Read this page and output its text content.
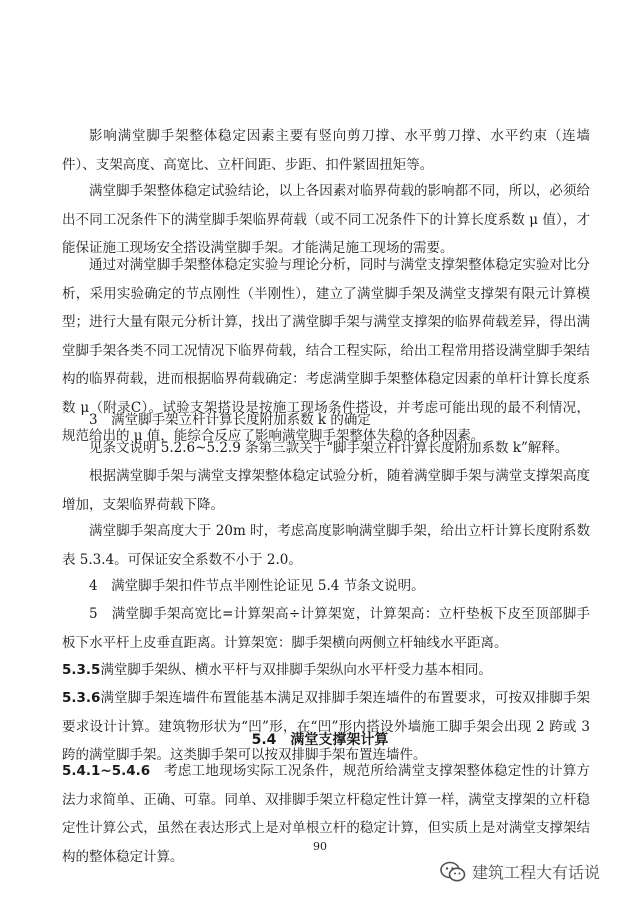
影响满堂脚手架整体稳定因素主要有竖向剪刀撑、水平剪刀撑、水平约束（连墙件）、支架高度、高宽比、立杆间距、步距、扣件紧固扭矩等。

满堂脚手架整体稳定试验结论，以上各因素对临界荷载的影响都不同，所以，必须给出不同工况条件下的满堂脚手架临界荷载（或不同工况条件下的计算长度系数 μ 值），才能保证施工现场安全搭设满堂脚手架。才能满足施工现场的需要。

通过对满堂脚手架整体稳定实验与理论分析，同时与满堂支撑架整体稳定实验对比分析，采用实验确定的节点刚性（半刚性），建立了满堂脚手架及满堂支撑架有限元计算模型；进行大量有限元分析计算，找出了满堂脚手架与满堂支撑架的临界荷载差异，得出满堂脚手架各类不同工况情况下临界荷载，结合工程实际，给出工程常用搭设满堂脚手架结构的临界荷载，进而根据临界荷载确定：考虑满堂脚手架整体稳定因素的单杆计算长度系数 μ（附录C）。试验支架搭设是按施工现场条件搭设，并考虑可能出现的最不利情况，规范给出的 μ 值，能综合反应了影响满堂脚手架整体失稳的各种因素。

3　满堂脚手架立杆计算长度附加系数 k 的确定

见条文说明 5.2.6~5.2.9 条第三款关于“脚手架立杆计算长度附加系数 k”解释。

根据满堂脚手架与满堂支撑架整体稳定试验分析，随着满堂脚手架与满堂支撑架高度增加，支架临界荷载下降。

满堂脚手架高度大于 20m 时，考虑高度影响满堂脚手架，给出立杆计算长度附系数表 5.3.4。可保证安全系数不小于 2.0。

4　满堂脚手架扣件节点半刚性论证见 5.4 节条文说明。

5　满堂脚手架高宽比=计算架高÷计算架宽，计算架高：立杆垫板下皮至顶部脚手板下水平杆上皮垂直距离。计算架宽：脚手架横向两侧立杆轴线水平距离。

5.3.5满堂脚手架纵、横水平杆与双排脚手架纵向水平杆受力基本相同。

5.3.6满堂脚手架连墙件布置能基本满足双排脚手架连墙件的布置要求，可按双排脚手架要求设计计算。建筑物形状为“凹”形，在“凹”形内搭设外墙施工脚手架会出现 2 跨或 3 跨的满堂脚手架。这类脚手架可以按双排脚手架布置连墙件。

5.4　满堂支撑架计算

5.4.1~5.4.6　 考虑工地现场实际工况条件，规范所给满堂支撑架整体稳定性的计算方法力求简单、正确、可靠。同单、双排脚手架立杆稳定性计算一样，满堂支撑架的立杆稳定性计算公式，虽然在表达形式上是对单根立杆的稳定计算，但实质上是对满堂支撑架结构的整体稳定计算。

90
建筑工程大有话说
